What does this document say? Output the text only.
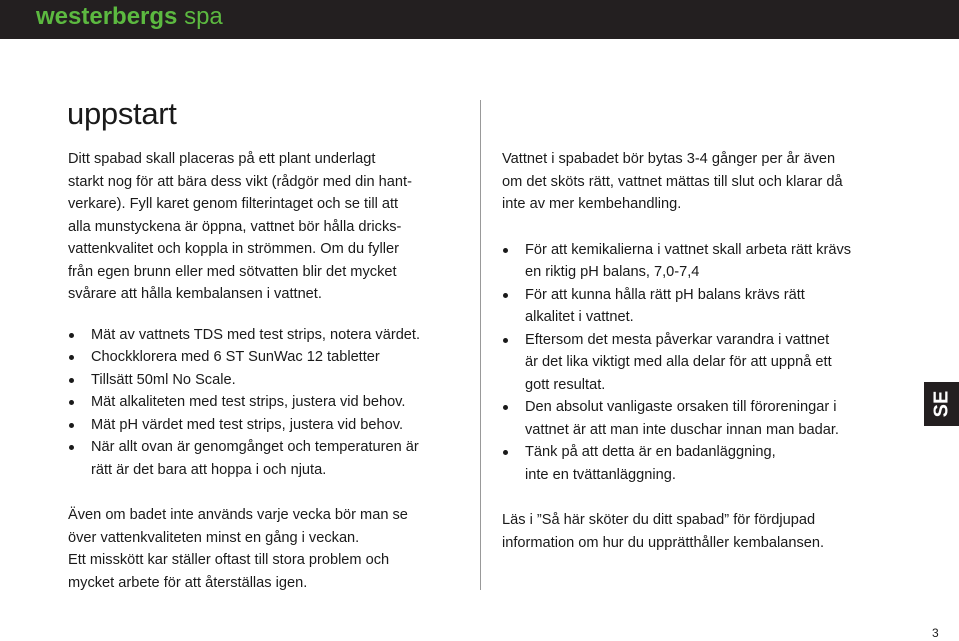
westerbergs spa
uppstart

Ditt spabad skall placeras på ett plant underlagt
starkt nog för att bära dess vikt (rådgör med din hant-
verkare). Fyll karet genom filterintaget och se till att
alla munstyckena är öppna, vattnet bör hålla dricks-
vattenkvalitet och koppla in strömmen. Om du fyller
från egen brunn eller med sötvatten blir det mycket
svårare att hålla kembalansen i vattnet.

Mät av vattnets TDS med test strips, notera värdet.
Chockklorera med 6 ST SunWac 12 tabletter
Tillsätt 50ml No Scale.
Mät alkaliteten med test strips, justera vid behov.
Mät pH värdet med test strips, justera vid behov.
När allt ovan är genomgånget och temperaturen är
rätt är det bara att hoppa i och njuta.

Även om badet inte används varje vecka bör man se
över vattenkvaliteten minst en gång i veckan.
Ett misskött kar ställer oftast till stora problem och
mycket arbete för att återställas igen.

Vattnet i spabadet bör bytas 3-4 gånger per år även
om det sköts rätt, vattnet mättas till slut och klarar då
inte av mer kembehandling.

För att kemikalierna i vattnet skall arbeta rätt krävs
en riktig pH balans, 7,0-7,4
För att kunna hålla rätt pH balans krävs rätt
alkalitet i vattnet.
Eftersom det mesta påverkar varandra i vattnet
är det lika viktigt med alla delar för att uppnå ett
gott resultat.
Den absolut vanligaste orsaken till föroreningar i
vattnet är att man inte duschar innan man badar.
Tänk på att detta är en badanläggning,
inte en tvättanläggning.

Läs i ”Så här sköter du ditt spabad” för fördjupad
information om hur du upprätthåller kembalansen.

SE
3
